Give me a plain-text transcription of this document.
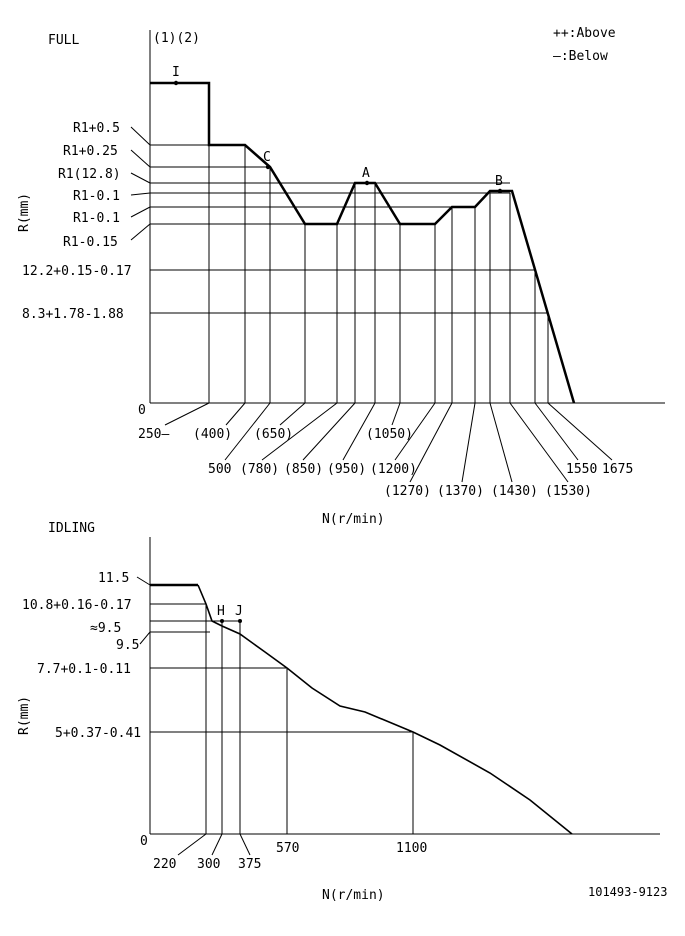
FULL	(1)(2)	++:Above
—:Below
0
R(mm)
R1+0.5
R1+0.25
R1(12.8)
R1-0.1
R1-0.1
R1-0.15
12.2+0.15-0.17
8.3+1.78-1.88
I
C
A
B
250— (400) (650)	(1050)
500 (780) (850) (950) (1200)	1550 1675
(1270) (1370) (1430) (1530)
N(r/min)
IDLING
0
R(mm)
11.5
10.8+0.16-0.17
≈9.5
9.5
7.7+0.1-0.11
5+0.37-0.41
H J
220 300 375
570	1100
N(r/min)	101493-9123
